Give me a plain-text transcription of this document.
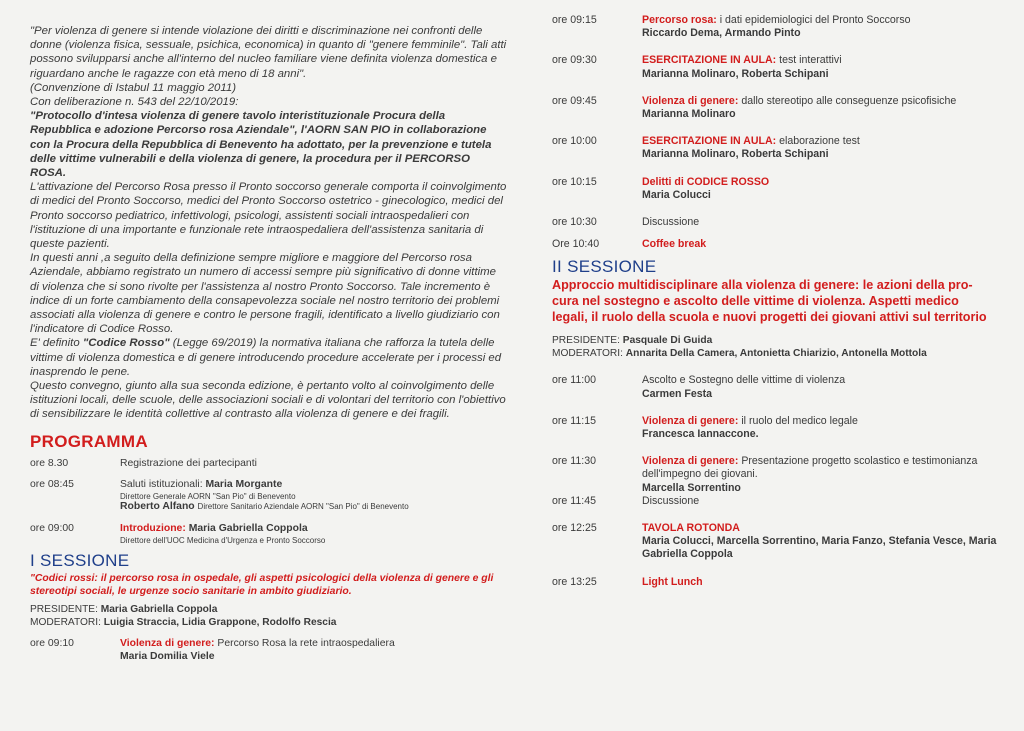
"Per violenza di genere si intende violazione dei diritti e discriminazione nei confronti delle donne (violenza fisica, sessuale, psichica, economica) in quanto di "genere femminile". Tali atti possono svilupparsi anche all'interno del nucleo familiare viene definita violenza domestica e riguardano anche le ragazze con età meno di 18 anni".

(Convenzione di Istabul 11 maggio 2011)

Con deliberazione n. 543 del 22/10/2019:

"Protocollo d'intesa violenza di genere tavolo interistituzionale Procura della Repubblica e adozione Percorso rosa Aziendale", l'AORN SAN PIO in collaborazione con la Procura della Repubblica di Benevento ha adottato, per la prevenzione e tutela delle vittime vulnerabili e della violenza di genere, la procedura per il PERCORSO ROSA.

L'attivazione del Percorso Rosa presso il Pronto soccorso generale comporta il coinvolgimento di medici del Pronto Soccorso, medici del Pronto Soccorso ostetrico - ginecologico, medici del Pronto soccorso pediatrico, infettivologi, psicologi, assistenti sociali intraospedalieri con l'istituzione di una importante e funzionale rete intraospedaliera dell'assistenza sanitaria di queste pazienti.

In questi anni ,a seguito della definizione sempre migliore e maggiore del Percorso rosa Aziendale, abbiamo registrato un numero di accessi sempre più significativo di donne vittime di violenza che si sono rivolte per l'assistenza al nostro Pronto Soccorso. Tale incremento è indice di un forte cambiamento della consapevolezza sociale nel nostro territorio dei problemi associati alla violenza di genere e contro le persone fragili, identificato a livello giudiziario con l'indicatore di Codice Rosso.

E' definito "Codice Rosso" (Legge 69/2019) la normativa italiana che rafforza la tutela delle vittime di violenza domestica e di genere introducendo procedure accelerate per i processi ed inasprendo le pene.

Questo convegno, giunto alla sua seconda edizione, è pertanto volto al coinvolgimento delle istituzioni locali, delle scuole, delle associazioni sociali e di volontari del territorio con l'obiettivo di sensibilizzare le identità collettive al contrasto alla violenza di genere e dei fragili.

PROGRAMMA
ore 8.30	Registrazione dei partecipanti
ore 08:45	Saluti istituzionali: Maria Morgante
Direttore Generale AORN "San Pio" di Benevento
Roberto Alfano Direttore Sanitario Aziendale AORN "San Pio" di Benevento
ore 09:00	Introduzione: Maria Gabriella Coppola
Direttore dell'UOC Medicina d'Urgenza e Pronto Soccorso
I SESSIONE
"Codici rossi: il percorso rosa in ospedale, gli aspetti psicologici della violenza di genere e gli stereotipi sociali, le urgenze socio sanitarie in ambito giudiziario.

PRESIDENTE: Maria Gabriella Coppola

MODERATORI: Luigia Straccia, Lidia Grappone, Rodolfo Rescia

ore 09:10	Violenza di genere: Percorso Rosa la rete intraospedaliera
Maria Domilia Viele
ore 09:15	Percorso rosa: i dati epidemiologici del Pronto Soccorso
Riccardo Dema, Armando Pinto
ore 09:30	ESERCITAZIONE IN AULA: test interattivi
Marianna Molinaro, Roberta Schipani
ore 09:45	Violenza di genere: dallo stereotipo alle conseguenze psicofisiche
Marianna Molinaro
ore 10:00	ESERCITAZIONE IN AULA: elaborazione test
Marianna Molinaro, Roberta Schipani
ore 10:15	Delitti di CODICE ROSSO
Maria Colucci
ore 10:30	Discussione
Ore 10:40	Coffee break
II SESSIONE
Approccio multidisciplinare alla violenza di genere: le azioni della pro-
cura nel sostegno e ascolto delle vittime di violenza. Aspetti medico
legali, il ruolo della scuola e nuovi progetti dei giovani attivi sul territorio

PRESIDENTE: Pasquale Di Guida

MODERATORI: Annarita Della Camera, Antonietta Chiarizio, Antonella Mottola

ore 11:00	Ascolto e Sostegno delle vittime di violenza
Carmen Festa
ore 11:15	Violenza di genere: il ruolo del medico legale
Francesca Iannaccone.
ore 11:30	Violenza di genere: Presentazione progetto scolastico e testimonianza dell'impegno dei giovani.
Marcella Sorrentino
ore 11:45	Discussione
ore 12:25	TAVOLA ROTONDA
Maria Colucci, Marcella Sorrentino, Maria Fanzo, Stefania Vesce, Maria Gabriella Coppola
ore 13:25	Light Lunch
